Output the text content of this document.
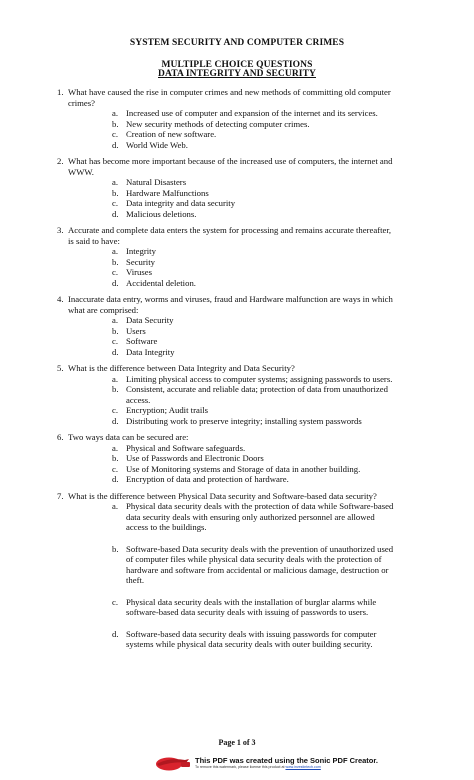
SYSTEM SECURITY AND COMPUTER CRIMES
MULTIPLE CHOICE QUESTIONS
DATA INTEGRITY AND SECURITY
1. What have caused the rise in computer crimes and new methods of committing old computer crimes?
a. Increased use of computer and expansion of the internet and its services.
b. New security methods of detecting computer crimes.
c. Creation of new software.
d. World Wide Web.
2. What has become more important because of the increased use of computers, the internet and WWW.
a. Natural Disasters
b. Hardware Malfunctions
c. Data integrity and data security
d. Malicious deletions.
3. Accurate and complete data enters the system for processing and remains accurate thereafter, is said to have:
a. Integrity
b. Security
c. Viruses
d. Accidental deletion.
4. Inaccurate data entry, worms and viruses, fraud and Hardware malfunction are ways in which what are comprised:
a. Data Security
b. Users
c. Software
d. Data Integrity
5. What is the difference between Data Integrity and Data Security?
a. Limiting physical access to computer systems; assigning passwords to users.
b. Consistent, accurate and reliable data; protection of data from unauthorized access.
c. Encryption; Audit trails
d. Distributing work to preserve integrity; installing system passwords
6. Two ways data can be secured are:
a. Physical and Software safeguards.
b. Use of Passwords and Electronic Doors
c. Use of Monitoring systems and Storage of data in another building.
d. Encryption of data and protection of hardware.
7. What is the difference between Physical Data security and Software-based data security?
a. Physical data security deals with the protection of data while Software-based data security deals with ensuring only authorized personnel are allowed access to the buildings.
b. Software-based Data security deals with the prevention of unauthorized used of computer files while physical data security deals with the protection of hardware and software from accidental or malicious damage, destruction or theft.
c. Physical data security deals with the installation of burglar alarms while software-based data security deals with issuing of passwords to users.
d. Software-based data security deals with issuing passwords for computer systems while physical data security deals with outer building security.
Page 1 of 3
This PDF was created using the Sonic PDF Creator.
To remove this watermark, please license this product at www.investintech.com
